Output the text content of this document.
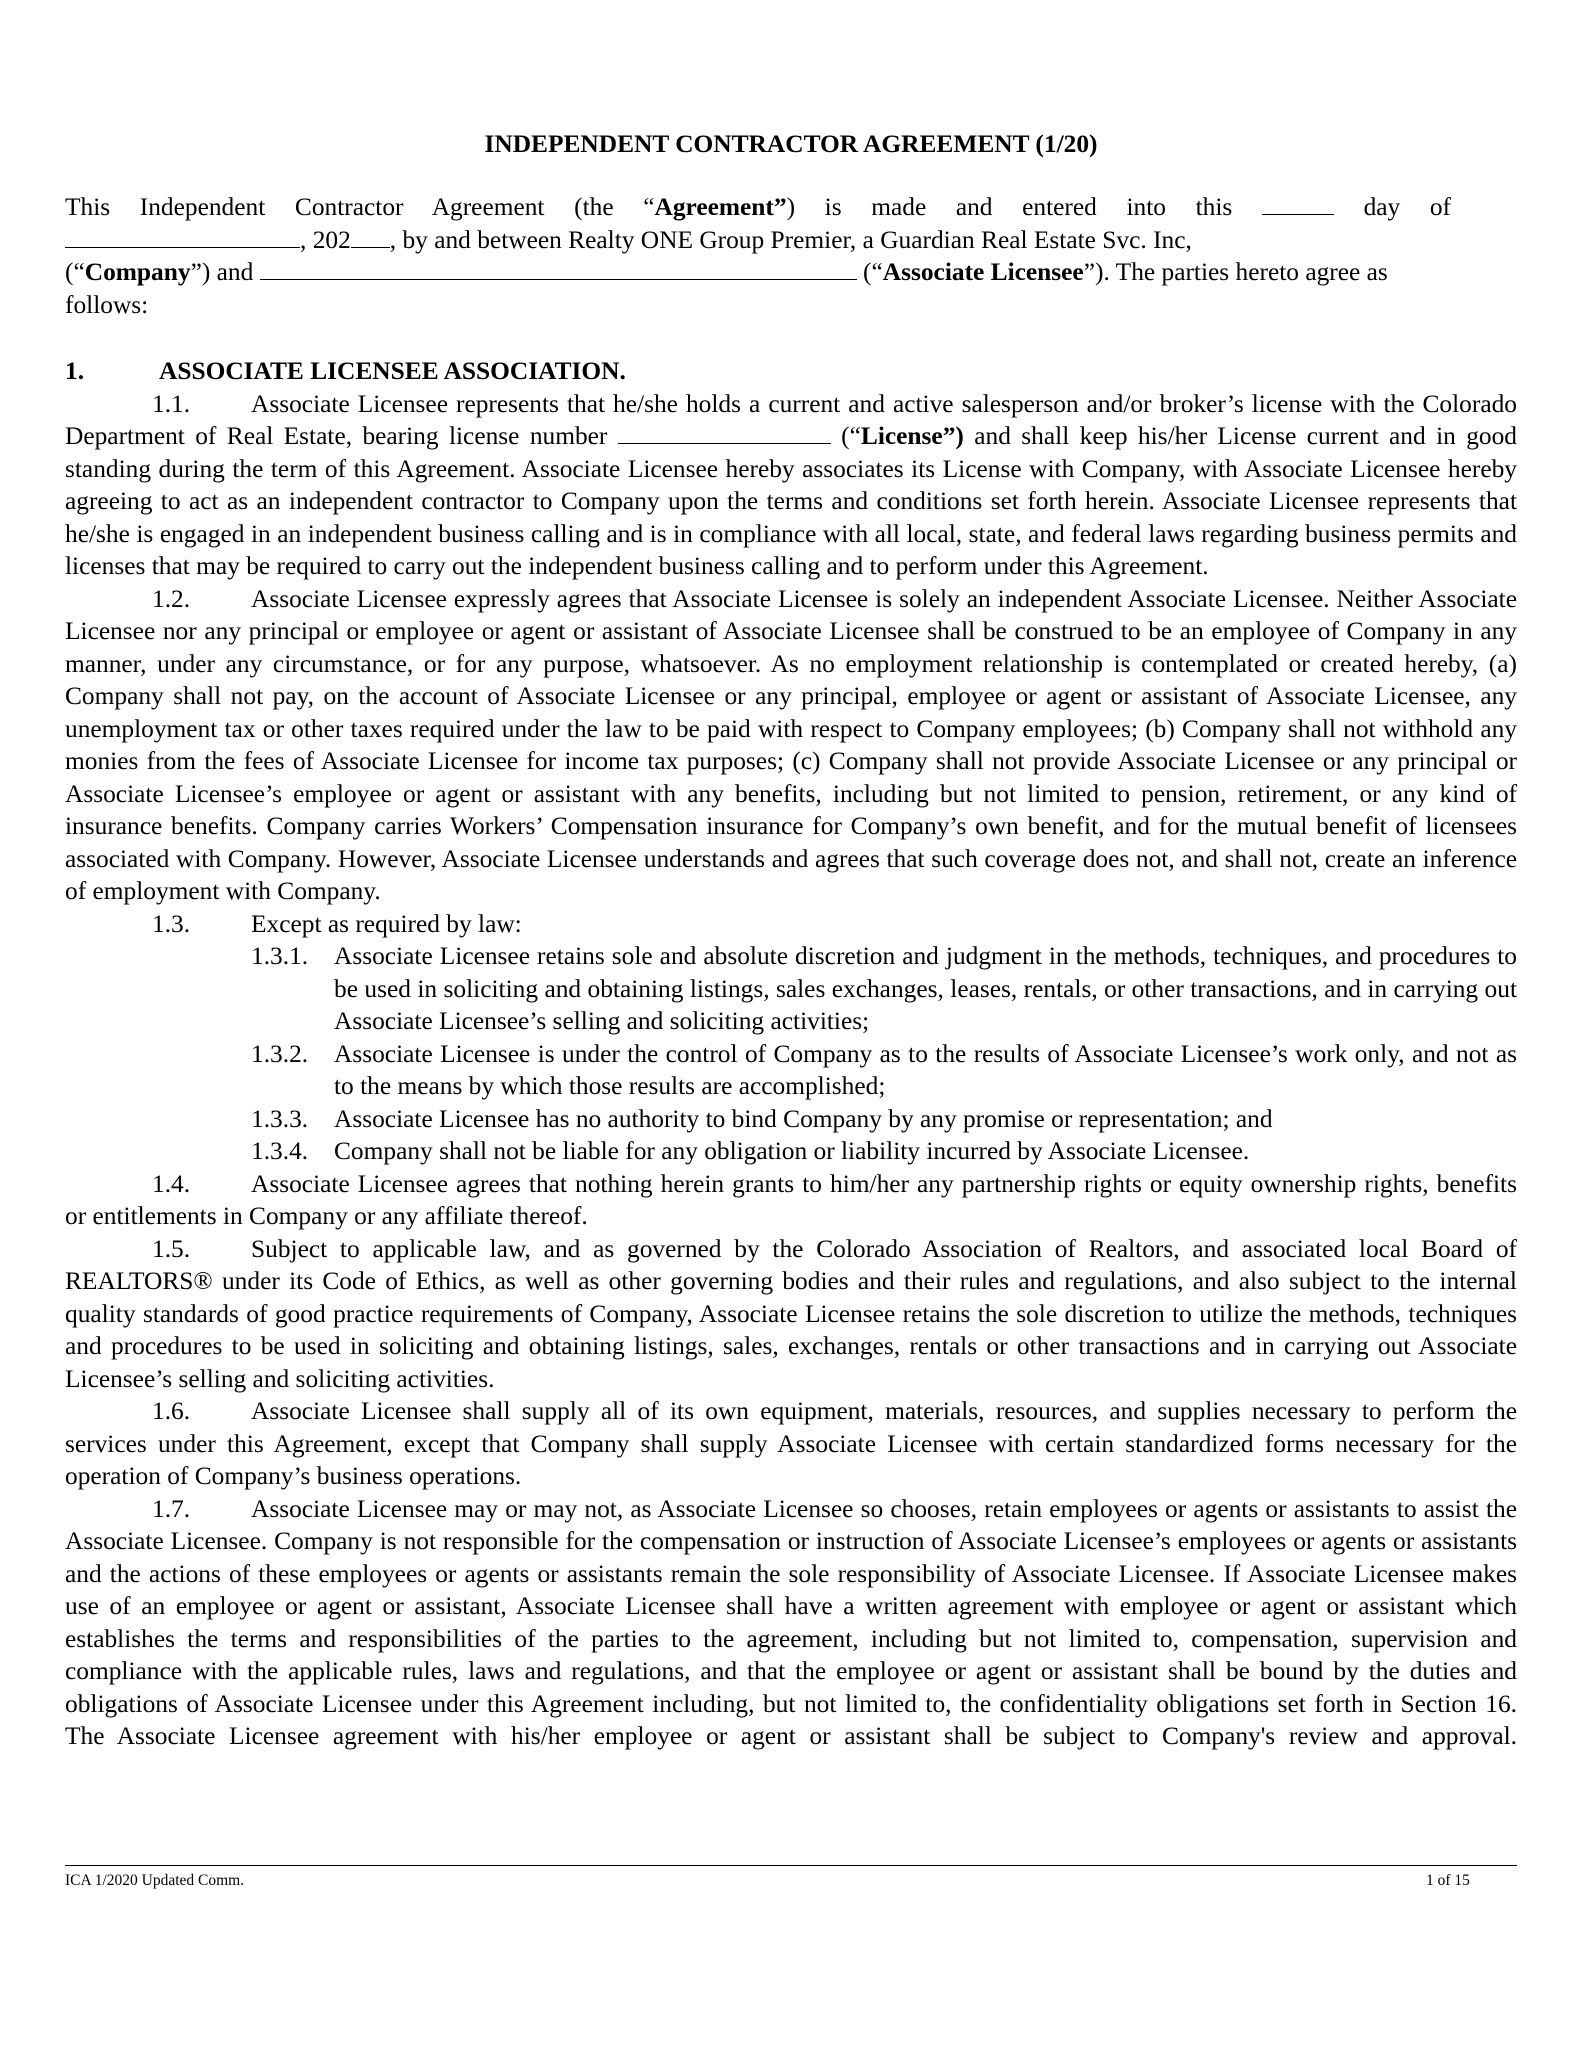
INDEPENDENT CONTRACTOR AGREEMENT (1/20)
This Independent Contractor Agreement (the “Agreement”) is made and entered into this	day of
, 202 , by and between Realty ONE Group Premier, a Guardian Real Estate Svc. Inc,
(“Company”) and	(“Associate Licensee”). The parties hereto agree as
follows:
1.	ASSOCIATE LICENSEE ASSOCIATION.

1.1. Associate Licensee represents that he/she holds a current and active salesperson and/or broker’s license with the Colorado Department of Real Estate, bearing license number	(“License”) and shall keep his/her License current and in good standing during the term of this Agreement. Associate Licensee hereby associates its License with Company, with Associate Licensee hereby agreeing to act as an independent contractor to Company upon the terms and conditions set forth herein. Associate Licensee represents that he/she is engaged in an independent business calling and is in compliance with all local, state, and federal laws regarding business permits and licenses that may be required to carry out the independent business calling and to perform under this Agreement.

1.2. Associate Licensee expressly agrees that Associate Licensee is solely an independent Associate Licensee. Neither Associate Licensee nor any principal or employee or agent or assistant of Associate Licensee shall be construed to be an employee of Company in any manner, under any circumstance, or for any purpose, whatsoever. As no employment relationship is contemplated or created hereby, (a) Company shall not pay, on the account of Associate Licensee or any principal, employee or agent or assistant of Associate Licensee, any unemployment tax or other taxes required under the law to be paid with respect to Company employees; (b) Company shall not withhold any monies from the fees of Associate Licensee for income tax purposes; (c) Company shall not provide Associate Licensee or any principal or Associate Licensee’s employee or agent or assistant with any benefits, including but not limited to pension, retirement, or any kind of insurance benefits. Company carries Workers’ Compensation insurance for Company’s own benefit, and for the mutual benefit of licensees associated with Company. However, Associate Licensee understands and agrees that such coverage does not, and shall not, create an inference of employment with Company.

1.3. Except as required by law:

1.3.1. Associate Licensee retains sole and absolute discretion and judgment in the methods, techniques, and procedures to be used in soliciting and obtaining listings, sales exchanges, leases, rentals, or other transactions, and in carrying out Associate Licensee’s selling and soliciting activities;

1.3.2. Associate Licensee is under the control of Company as to the results of Associate Licensee’s work only, and not as to the means by which those results are accomplished;

1.3.3. Associate Licensee has no authority to bind Company by any promise or representation; and

1.3.4. Company shall not be liable for any obligation or liability incurred by Associate Licensee.

1.4. Associate Licensee agrees that nothing herein grants to him/her any partnership rights or equity ownership rights, benefits or entitlements in Company or any affiliate thereof.

1.5. Subject to applicable law, and as governed by the Colorado Association of Realtors, and associated local Board of REALTORS® under its Code of Ethics, as well as other governing bodies and their rules and regulations, and also subject to the internal quality standards of good practice requirements of Company, Associate Licensee retains the sole discretion to utilize the methods, techniques and procedures to be used in soliciting and obtaining listings, sales, exchanges, rentals or other transactions and in carrying out Associate Licensee’s selling and soliciting activities.

1.6. Associate Licensee shall supply all of its own equipment, materials, resources, and supplies necessary to perform the services under this Agreement, except that Company shall supply Associate Licensee with certain standardized forms necessary for the operation of Company’s business operations.

1.7. Associate Licensee may or may not, as Associate Licensee so chooses, retain employees or agents or assistants to assist the Associate Licensee. Company is not responsible for the compensation or instruction of Associate Licensee’s employees or agents or assistants and the actions of these employees or agents or assistants remain the sole responsibility of Associate Licensee. If Associate Licensee makes use of an employee or agent or assistant, Associate Licensee shall have a written agreement with employee or agent or assistant which establishes the terms and responsibilities of the parties to the agreement, including but not limited to, compensation, supervision and compliance with the applicable rules, laws and regulations, and that the employee or agent or assistant shall be bound by the duties and obligations of Associate Licensee under this Agreement including, but not limited to, the confidentiality obligations set forth in Section 16. The Associate Licensee agreement with his/her employee or agent or assistant shall be subject to Company's review and approval.

ICA 1/2020 Updated Comm.	1 of 15
